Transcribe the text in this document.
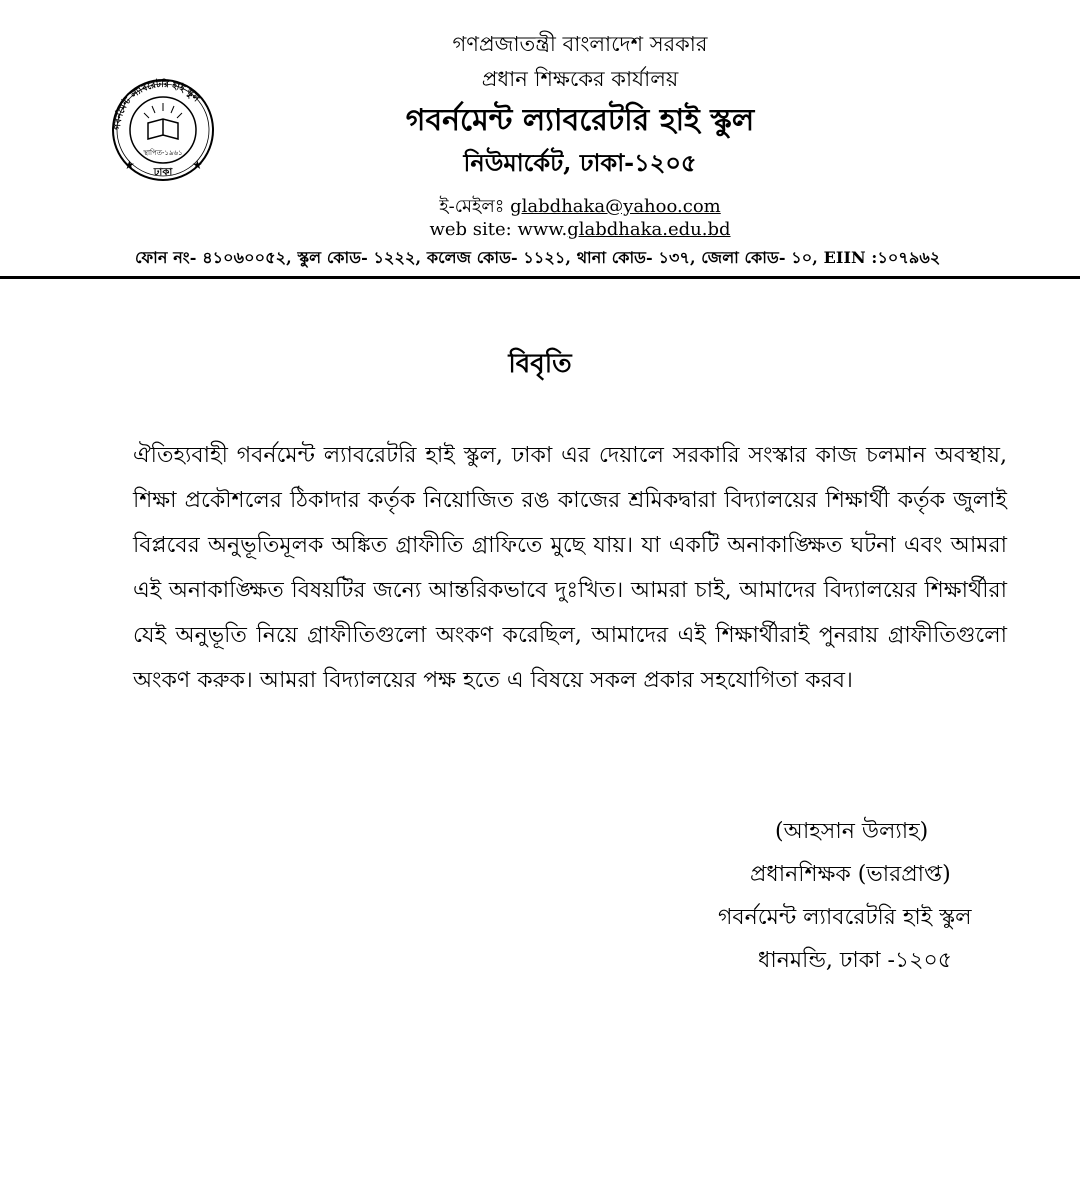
★	★
গবর্নমেন্ট ল্যাবরেটরি হাই স্কুল
স্থাপিত-১৯৬১
ঢাকা
গণপ্রজাতন্ত্রী বাংলাদেশ সরকার
প্রধান শিক্ষকের কার্যালয়
গবর্নমেন্ট ল্যাবরেটরি হাই স্কুল
নিউমার্কেট, ঢাকা-১২০৫
ই-মেইলঃ glabdhaka@yahoo.com
web site: www.glabdhaka.edu.bd
ফোন নং- ৪১০৬০০৫২, স্কুল কোড- ১২২২, কলেজ কোড- ১১২১, থানা কোড- ১৩৭, জেলা কোড- ১০, EIIN :১০৭৯৬২
বিবৃতি
ঐতিহ্যবাহী গবর্নমেন্ট ল্যাবরেটরি হাই স্কুল, ঢাকা এর দেয়ালে সরকারি সংস্কার কাজ চলমান অবস্থায়, শিক্ষা প্রকৌশলের ঠিকাদার কর্তৃক নিয়োজিত রঙ কাজের শ্রমিকদ্বারা বিদ্যালয়ের শিক্ষার্থী কর্তৃক জুলাই বিপ্লবের অনুভূতিমূলক অঙ্কিত গ্রাফীতি গ্রাফিতে মুছে যায়। যা একটি অনাকাঙ্ক্ষিত ঘটনা এবং আমরা এই অনাকাঙ্ক্ষিত বিষয়টির জন্যে আন্তরিকভাবে দুঃখিত। আমরা চাই, আমাদের বিদ্যালয়ের শিক্ষার্থীরা যেই অনুভূতি নিয়ে গ্রাফীতিগুলো অংকণ করেছিল, আমাদের এই শিক্ষার্থীরাই পুনরায় গ্রাফীতিগুলো অংকণ করুক। আমরা বিদ্যালয়ের পক্ষ হতে এ বিষয়ে সকল প্রকার সহযোগিতা করব।
(আহসান উল্যাহ)
প্রধানশিক্ষক (ভারপ্রাপ্ত)
গবর্নমেন্ট ল্যাবরেটরি হাই স্কুল
ধানমন্ডি, ঢাকা -১২০৫
